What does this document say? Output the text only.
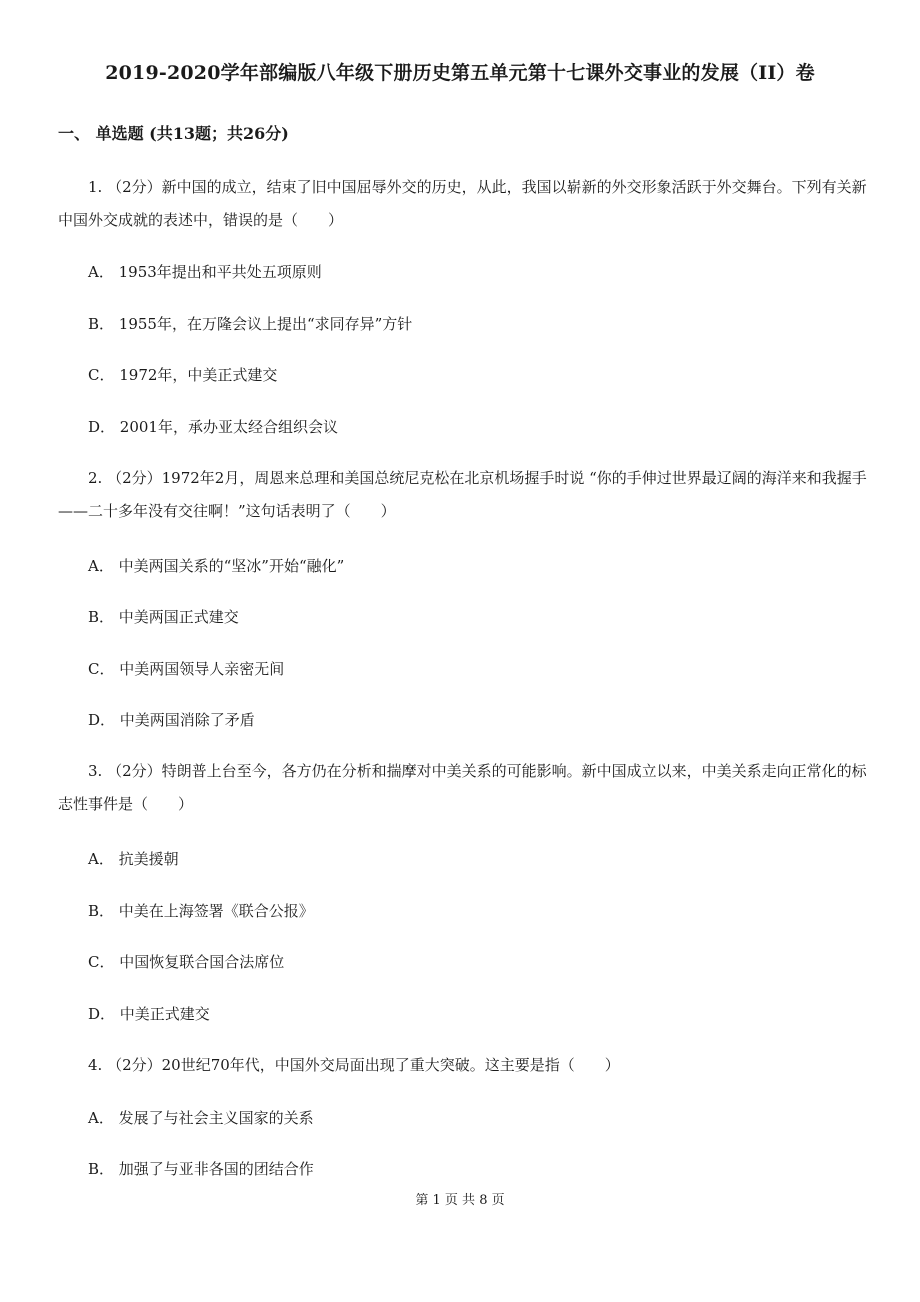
2019-2020学年部编版八年级下册历史第五单元第十七课外交事业的发展（II）卷
一、 单选题 (共13题；共26分)
1. （2分）新中国的成立，结束了旧中国屈辱外交的历史，从此，我国以崭新的外交形象活跃于外交舞台。下列有关新中国外交成就的表述中，错误的是（　　）
A． 1953年提出和平共处五项原则
B． 1955年，在万隆会议上提出“求同存异”方针
C． 1972年，中美正式建交
D． 2001年，承办亚太经合组织会议
2. （2分）1972年2月，周恩来总理和美国总统尼克松在北京机场握手时说 “你的手伸过世界最辽阔的海洋来和我握手——二十多年没有交往啊！”这句话表明了（　　）
A． 中美两国关系的“坚冰”开始“融化”
B． 中美两国正式建交
C． 中美两国领导人亲密无间
D． 中美两国消除了矛盾
3. （2分）特朗普上台至今，各方仍在分析和揣摩对中美关系的可能影响。新中国成立以来，中美关系走向正常化的标志性事件是（　　）
A． 抗美援朝
B． 中美在上海签署《联合公报》
C． 中国恢复联合国合法席位
D． 中美正式建交
4. （2分）20世纪70年代，中国外交局面出现了重大突破。这主要是指（　　）
A． 发展了与社会主义国家的关系
B． 加强了与亚非各国的团结合作
第 1 页 共 8 页
